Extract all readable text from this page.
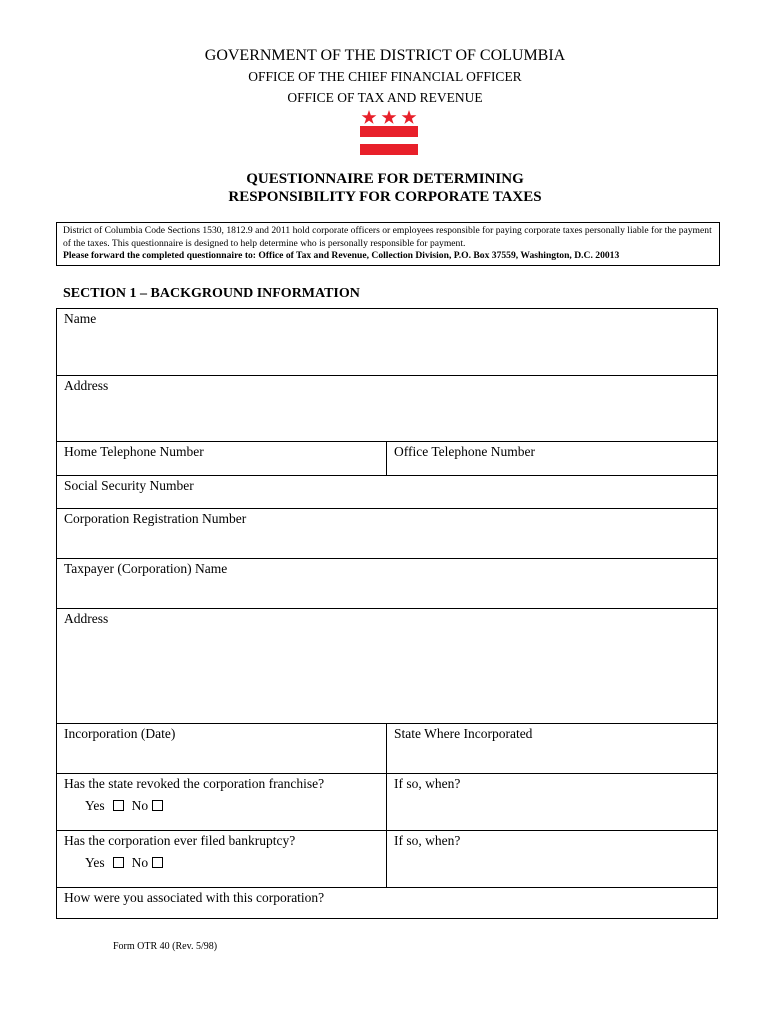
GOVERNMENT OF THE DISTRICT OF COLUMBIA
OFFICE OF THE CHIEF FINANCIAL OFFICER
OFFICE OF TAX AND REVENUE
QUESTIONNAIRE FOR DETERMINING
RESPONSIBILITY FOR CORPORATE TAXES
District of Columbia Code Sections 1530, 1812.9 and 2011 hold corporate officers or employees responsible for paying corporate taxes personally liable for the payment of the taxes. This questionnaire is designed to help determine who is personally responsible for payment.
Please forward the completed questionnaire to: Office of Tax and Revenue, Collection Division, P.O. Box 37559, Washington, D.C. 20013
SECTION 1 – BACKGROUND INFORMATION
Name
Address
Home Telephone Number	Office Telephone Number
Social Security Number
Corporation Registration Number
Taxpayer (Corporation) Name
Address
Incorporation (Date)	State Where Incorporated
Has the state revoked the corporation franchise?
Yes No
If so, when?
Has the corporation ever filed bankruptcy?
Yes No
If so, when?
How were you associated with this corporation?
Form OTR 40 (Rev. 5/98)
